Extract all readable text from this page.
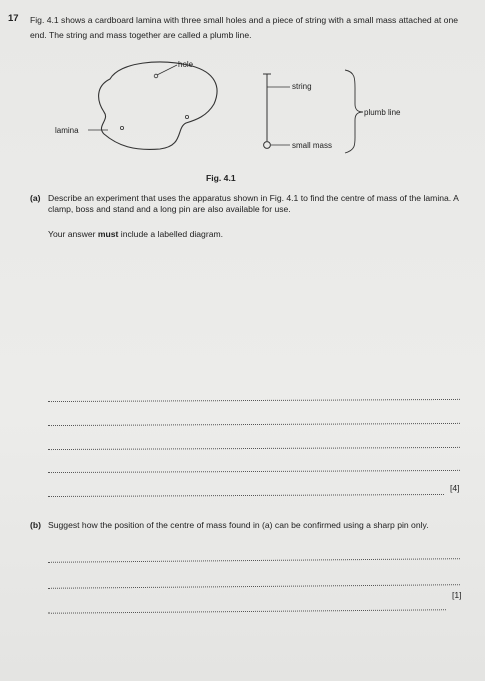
17 Fig. 4.1 shows a cardboard lamina with three small holes and a piece of string with a small mass attached at one end. The string and mass together are called a plumb line.
hole
lamina
string
plumb line
small mass
Fig. 4.1
(a) Describe an experiment that uses the apparatus shown in Fig. 4.1 to find the centre of mass of the lamina. A clamp, boss and stand and a long pin are also available for use.
Your answer must include a labelled diagram.
[4]
(b) Suggest how the position of the centre of mass found in (a) can be confirmed using a sharp pin only.
[1]
